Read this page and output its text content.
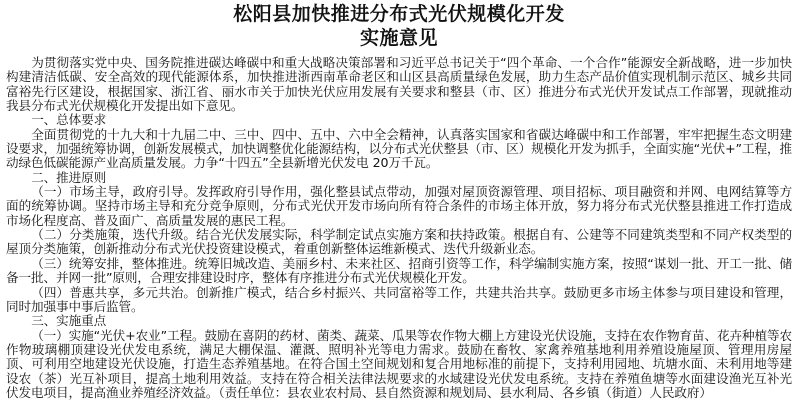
松阳县加快推进分布式光伏规模化开发
实施意见

为贯彻落实党中央、国务院推进碳达峰碳中和重大战略决策部署和习近平总书记关于“四个革命、一个合作”能源安全新战略，进一步加快构建清洁低碳、安全高效的现代能源体系，加快推进浙西南革命老区和山区县高质量绿色发展，助力生态产品价值实现机制示范区、城乡共同富裕先行区建设，根据国家、浙江省、丽水市关于加快光伏应用发展有关要求和整县（市、区）推进分布式光伏开发试点工作部署，现就推动我县分布式光伏规模化开发提出如下意见。

一、总体要求

全面贯彻党的十九大和十九届二中、三中、四中、五中、六中全会精神，认真落实国家和省碳达峰碳中和工作部署，牢牢把握生态文明建设要求，加强统筹协调，创新发展模式，加快调整优化能源结构，以分布式光伏整县（市、区）规模化开发为抓手，全面实施“光伏+”工程，推动绿色低碳能源产业高质量发展。力争“十四五”全县新增光伏发电 20万千瓦。

二、推进原则

（一）市场主导，政府引导。发挥政府引导作用，强化整县试点带动，加强对屋顶资源管理、项目招标、项目融资和并网、电网结算等方面的统筹协调。坚持市场主导和充分竞争原则，分布式光伏开发市场向所有符合条件的市场主体开放，努力将分布式光伏整县推进工作打造成市场化程度高、普及面广、高质量发展的惠民工程。

（二）分类施策，迭代升级。结合光伏发展实际，科学制定试点实施方案和扶持政策。根据自有、公建等不同建筑类型和不同产权类型的屋顶分类施策，创新推动分布式光伏投资建设模式，着重创新整体运维新模式、迭代升级新业态。

（三）统筹安排，整体推进。统筹旧城改造、美丽乡村、未来社区、招商引资等工作，科学编制实施方案，按照“谋划一批、开工一批、储备一批、并网一批”原则，合理安排建设时序，整体有序推进分布式光伏规模化开发。

（四）普惠共享，多元共治。创新推广模式，结合乡村振兴、共同富裕等工作，共建共治共享。鼓励更多市场主体参与项目建设和管理，同时加强事中事后监管。

三、实施重点

（一）实施“光伏+农业”工程。鼓励在喜阴的药材、菌类、蔬菜、瓜果等农作物大棚上方建设光伏设施，支持在农作物育苗、花卉种植等农作物玻璃棚顶建设光伏发电系统，满足大棚保温、灌溉、照明补光等电力需求。鼓励在畜牧、家禽养殖基地利用养殖设施屋顶、管理用房屋顶、可利用空地建设光伏设施，打造生态养殖基地。在符合国土空间规划和复合用地标准的前提下，支持利用园地、坑塘水面、未利用地等建设农（茶）光互补项目，提高土地利用效益。支持在符合相关法律法规要求的水域建设光伏发电系统。支持在养殖鱼塘等水面建设渔光互补光伏发电项目，提高渔业养殖经济效益。（责任单位：县农业农村局、县自然资源和规划局、县水利局、各乡镇（街道）人民政府）
